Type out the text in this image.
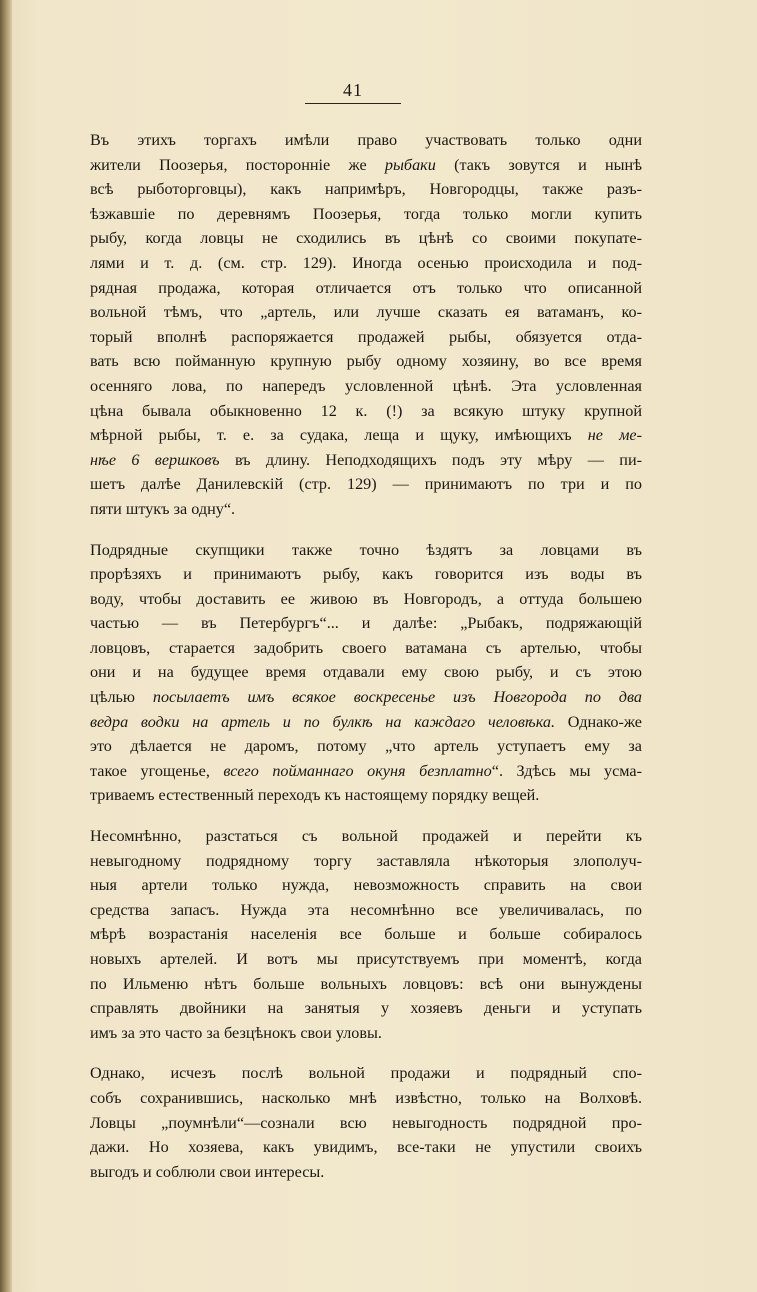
41
Въ этихъ торгахъ имѣли право участвовать только одни
жители Поозерья, посторонніе же рыбаки (такъ зовутся и нынѣ
всѣ рыботорговцы), какъ напримѣръ, Новгородцы, также разъ-
ѣзжавшіе по деревнямъ Поозерья, тогда только могли купить
рыбу, когда ловцы не сходились въ цѣнѣ со своими покупате-
лями и т. д. (см. стр. 129). Иногда осенью происходила и под-
рядная продажа, которая отличается отъ только что описанной
вольной тѣмъ, что „артель, или лучше сказать ея ватаманъ, ко-
торый вполнѣ распоряжается продажей рыбы, обязуется отда-
вать всю пойманную крупную рыбу одному хозяину, во все время
осенняго лова, по напередъ условленной цѣнѣ. Эта условленная
цѣна бывала обыкновенно 12 к. (!) за всякую штуку крупной
мѣрной рыбы, т. е. за судака, леща и щуку, имѣющихъ не ме-
нѣе 6 вершковъ въ длину. Неподходящихъ подъ эту мѣру — пи-
шетъ далѣе Данилевскій (стр. 129) — принимаютъ по три и по
пяти штукъ за одну“.
Подрядные скупщики также точно ѣздятъ за ловцами въ
прорѣзяхъ и принимаютъ рыбу, какъ говорится изъ воды въ
воду, чтобы доставить ее живою въ Новгородъ, а оттуда большею
частью — въ Петербургъ“... и далѣе: „Рыбакъ, подряжающій
ловцовъ, старается задобрить своего ватамана съ артелью, чтобы
они и на будущее время отдавали ему свою рыбу, и съ этою
цѣлью посылаетъ имъ всякое воскресенье изъ Новгорода по два
ведра водки на артель и по булкѣ на каждаго человѣка. Однако-же
это дѣлается не даромъ, потому „что артель уступаетъ ему за
такое угощенье, всего пойманнаго окуня безплатно“. Здѣсь мы усма-
триваемъ естественный переходъ къ настоящему порядку вещей.
Несомнѣнно, разстаться съ вольной продажей и перейти къ
невыгодному подрядному торгу заставляла нѣкоторыя злополуч-
ныя артели только нужда, невозможность справить на свои
средства запасъ. Нужда эта несомнѣнно все увеличивалась, по
мѣрѣ возрастанія населенія все больше и больше собиралось
новыхъ артелей. И вотъ мы присутствуемъ при моментѣ, когда
по Ильменю нѣтъ больше вольныхъ ловцовъ: всѣ они вынуждены
справлять двойники на занятыя у хозяевъ деньги и уступать
имъ за это часто за безцѣнокъ свои уловы.
Однако, исчезъ послѣ вольной продажи и подрядный спо-
собъ сохранившись, насколько мнѣ извѣстно, только на Волховѣ.
Ловцы „поумнѣли“—сознали всю невыгодность подрядной про-
дажи. Но хозяева, какъ увидимъ, все-таки не упустили своихъ
выгодъ и соблюли свои интересы.
